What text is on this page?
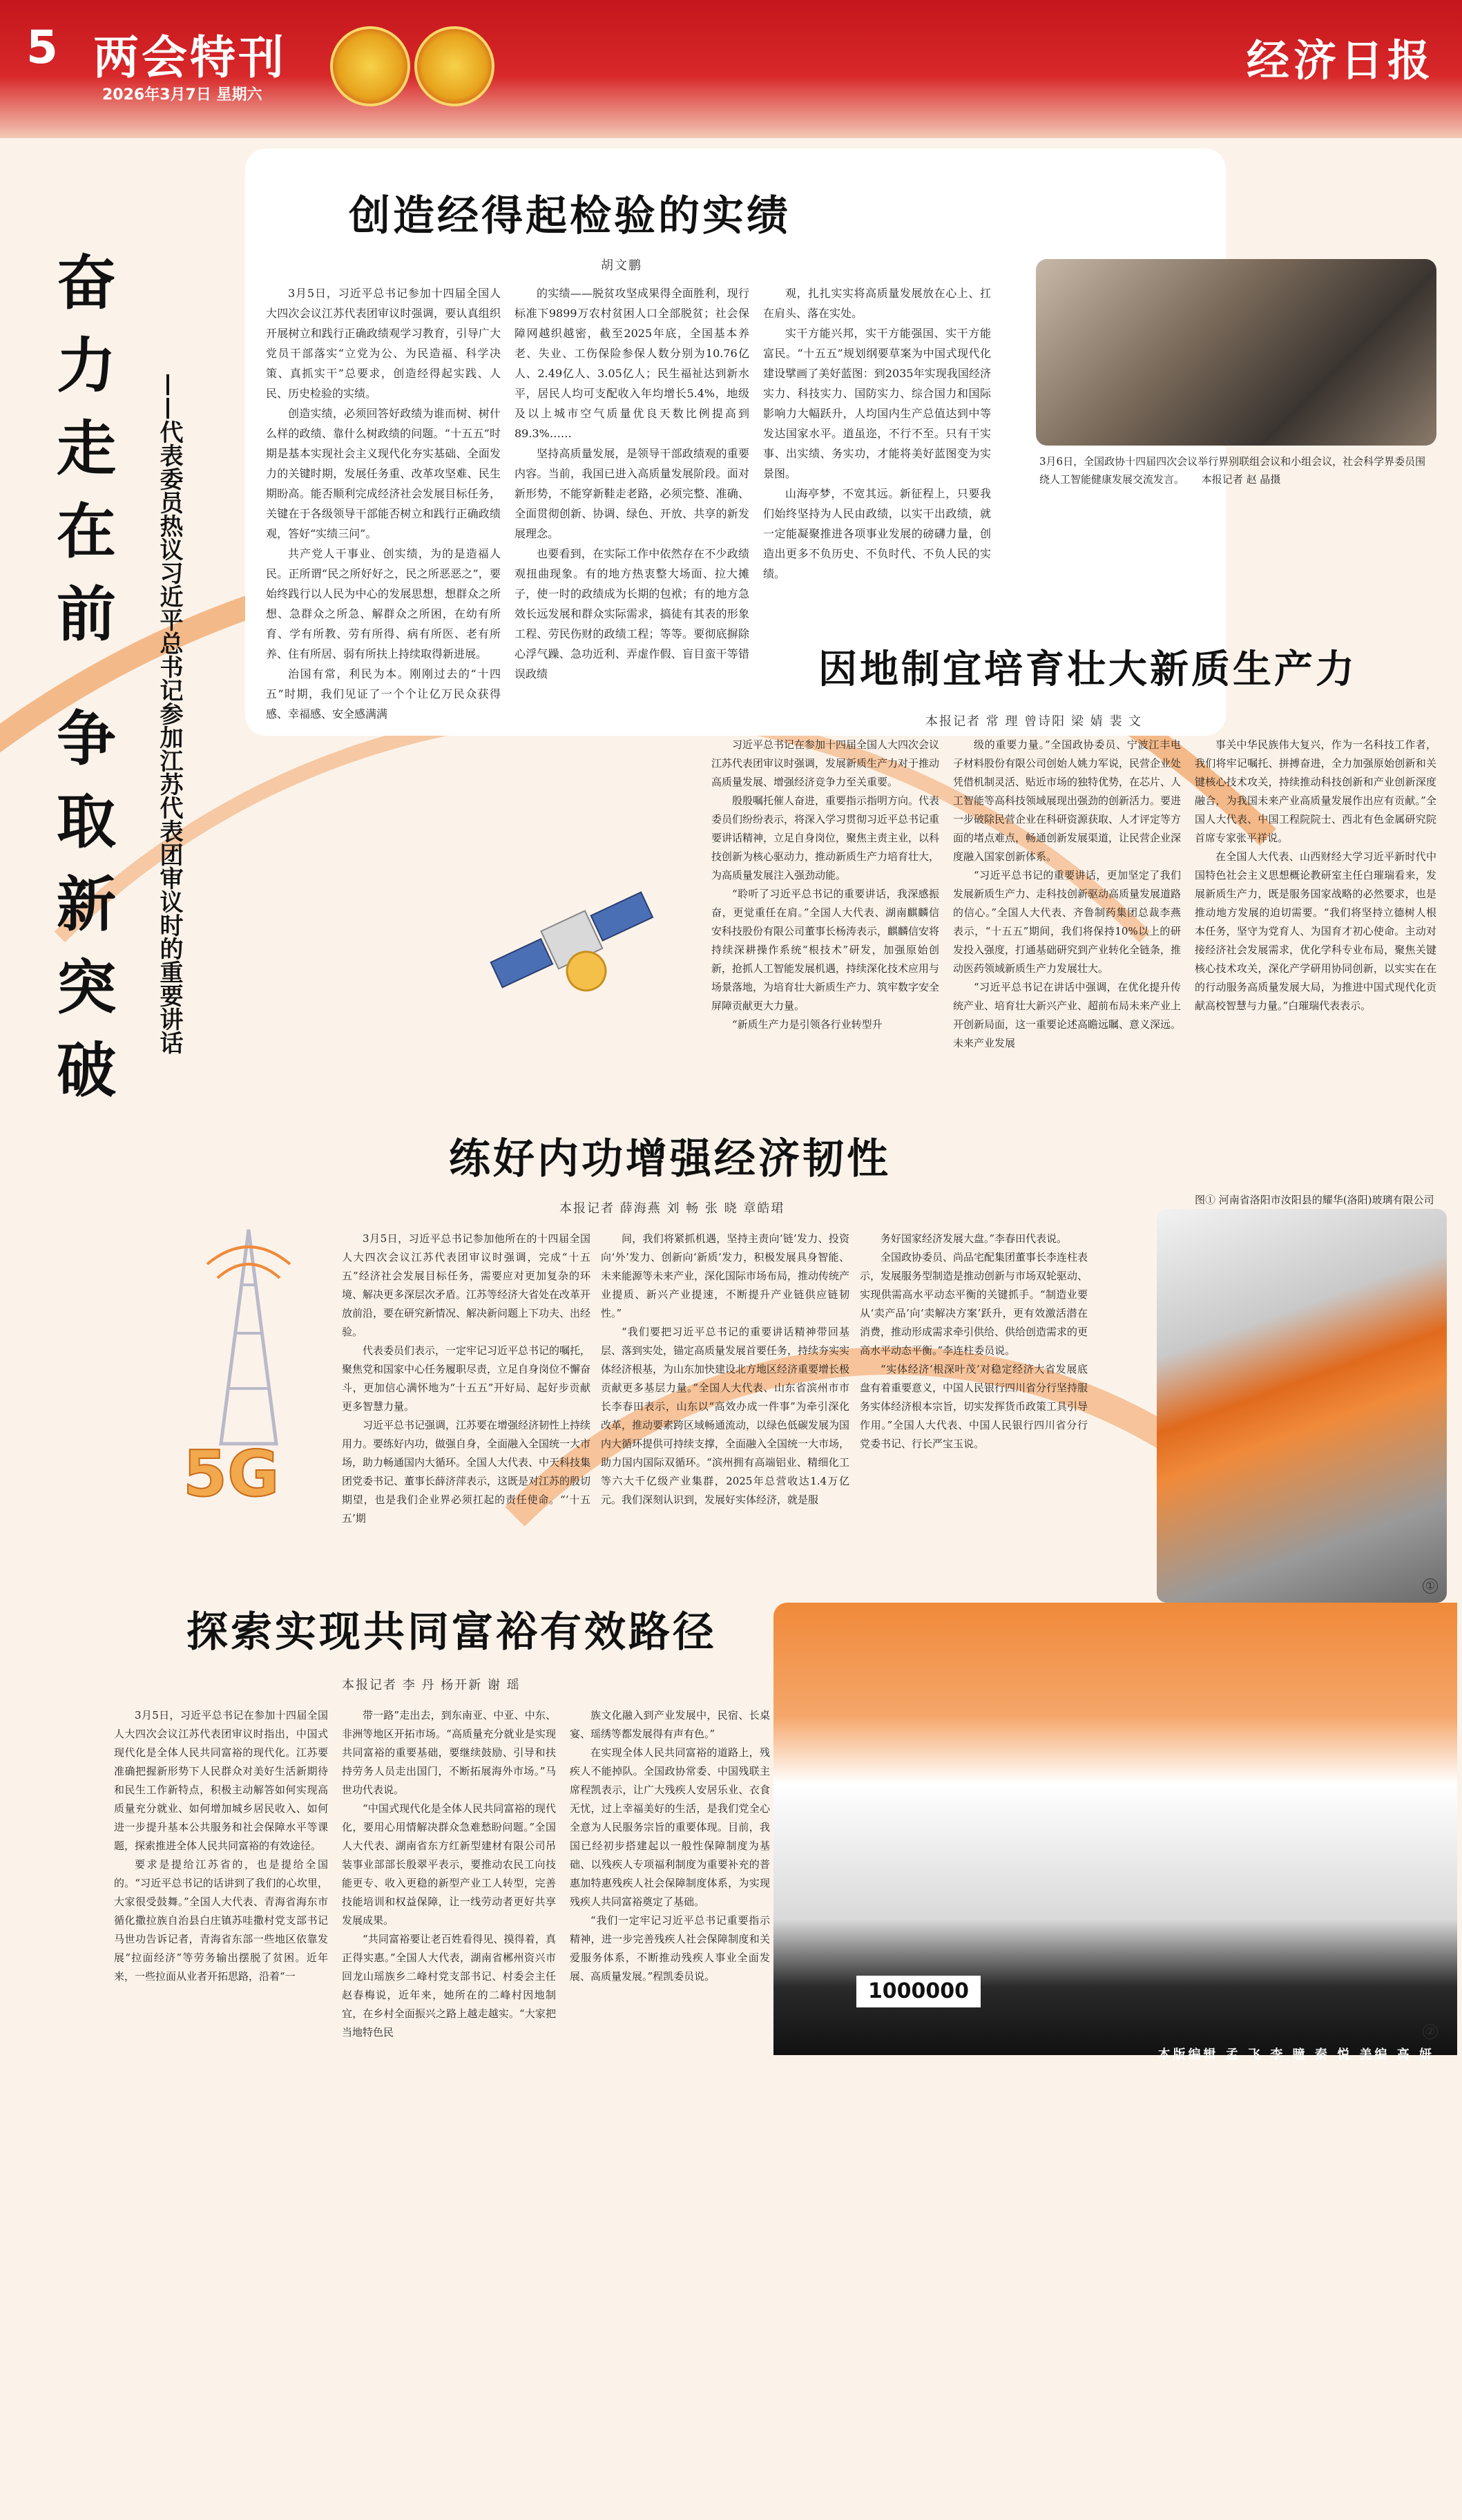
5 两会特刊
2026年3月7日 星期六
经济日报
奋
力
走
在
前
争
取
新
突
破
——代表委员热议习近平总书记参加江苏代表团审议时的重要讲话
创造经得起检验的实绩
胡文鹏

3月5日，习近平总书记参加十四届全国人大四次会议江苏代表团审议时强调，要认真组织开展树立和践行正确政绩观学习教育，引导广大党员干部落实“立党为公、为民造福、科学决策、真抓实干”总要求，创造经得起实践、人民、历史检验的实绩。

创造实绩，必须回答好政绩为谁而树、树什么样的政绩、靠什么树政绩的问题。“十五五”时期是基本实现社会主义现代化夯实基础、全面发力的关键时期，发展任务重、改革攻坚难、民生期盼高。能否顺利完成经济社会发展目标任务，关键在于各级领导干部能否树立和践行正确政绩观，答好“实绩三问”。

共产党人干事业、创实绩，为的是造福人民。正所谓“民之所好好之，民之所恶恶之”，要始终践行以人民为中心的发展思想，想群众之所想、急群众之所急、解群众之所困，在幼有所育、学有所教、劳有所得、病有所医、老有所养、住有所居、弱有所扶上持续取得新进展。

治国有常，利民为本。刚刚过去的“十四五”时期，我们见证了一个个让亿万民众获得感、幸福感、安全感满满

的实绩——脱贫攻坚成果得全面胜利，现行标准下9899万农村贫困人口全部脱贫；社会保障网越织越密，截至2025年底，全国基本养老、失业、工伤保险参保人数分别为10.76亿人、2.49亿人、3.05亿人；民生福祉达到新水平，居民人均可支配收入年均增长5.4%，地级及以上城市空气质量优良天数比例提高到89.3%……

坚持高质量发展，是领导干部政绩观的重要内容。当前，我国已进入高质量发展阶段。面对新形势，不能穿新鞋走老路，必须完整、准确、全面贯彻创新、协调、绿色、开放、共享的新发展理念。

也要看到，在实际工作中依然存在不少政绩观扭曲现象。有的地方热衷整大场面、拉大摊子，使一时的政绩成为长期的包袱；有的地方急效长远发展和群众实际需求，搞徒有其表的形象工程、劳民伤财的政绩工程；等等。要彻底摒除心浮气躁、急功近利、弄虚作假、盲目蛮干等错误政绩

观，扎扎实实将高质量发展放在心上、扛在肩头、落在实处。

实干方能兴邦，实干方能强国、实干方能富民。“十五五”规划纲要草案为中国式现代化建设擘画了美好蓝图：到2035年实现我国经济实力、科技实力、国防实力、综合国力和国际影响力大幅跃升，人均国内生产总值达到中等发达国家水平。道虽迩，不行不至。只有干实事、出实绩、务实功，才能将美好蓝图变为实景图。

山海亭梦，不宽其远。新征程上，只要我们始终坚持为人民由政绩，以实干出政绩，就一定能凝聚推进各项事业发展的磅礴力量，创造出更多不负历史、不负时代、不负人民的实绩。

3月6日，全国政协十四届四次会议举行界别联组会议和小组会议，社会科学界委员围绕人工智能健康发展交流发言。 本报记者 赵 晶摄
因地制宜培育壮大新质生产力
本报记者 常 理 曾诗阳 梁 婧 裴 文

习近平总书记在参加十四届全国人大四次会议江苏代表团审议时强调，发展新质生产力对于推动高质量发展、增强经济竞争力至关重要。

殷殷嘱托催人奋进，重要指示指明方向。代表委员们纷纷表示，将深入学习贯彻习近平总书记重要讲话精神，立足自身岗位，聚焦主责主业，以科技创新为核心驱动力，推动新质生产力培育壮大，为高质量发展注入强劲动能。

“聆听了习近平总书记的重要讲话，我深感振奋，更觉重任在肩。”全国人大代表、湖南麒麟信安科技股份有限公司董事长杨涛表示，麒麟信安将持续深耕操作系统“根技术”研发，加强原始创新，抢抓人工智能发展机遇，持续深化技术应用与场景落地，为培育壮大新质生产力、筑牢数字安全屏障贡献更大力量。

“新质生产力是引领各行业转型升

级的重要力量。”全国政协委员、宁波江丰电子材料股份有限公司创始人姚力军说，民营企业处凭借机制灵活、贴近市场的独特优势，在芯片、人工智能等高科技领域展现出强劲的创新活力。要进一步破除民营企业在科研资源获取、人才评定等方面的堵点难点，畅通创新发展渠道，让民营企业深度融入国家创新体系。

“习近平总书记的重要讲话，更加坚定了我们发展新质生产力、走科技创新驱动高质量发展道路的信心。”全国人大代表、齐鲁制药集团总裁李燕表示，“十五五”期间，我们将保持10%以上的研发投入强度，打通基础研究到产业转化全链条，推动医药领域新质生产力发展壮大。

“习近平总书记在讲话中强调，在优化提升传统产业、培育壮大新兴产业、超前布局未来产业上开创新局面，这一重要论述高瞻远瞩、意义深远。未来产业发展

事关中华民族伟大复兴，作为一名科技工作者，我们将牢记嘱托、拼搏奋进，全力加强原始创新和关键核心技术攻关，持续推动科技创新和产业创新深度融合，为我国未来产业高质量发展作出应有贡献。”全国人大代表、中国工程院院士、西北有色金属研究院首席专家张平祥说。

在全国人大代表、山西财经大学习近平新时代中国特色社会主义思想概论教研室主任白璀瑞看来，发展新质生产力，既是服务国家战略的必然要求，也是推动地方发展的迫切需要。“我们将坚持立德树人根本任务，坚守为党育人、为国育才初心使命。主动对接经济社会发展需求，优化学科专业布局，聚焦关键核心技术攻关，深化产学研用协同创新，以实实在在的行动服务高质量发展大局，为推进中国式现代化贡献高校智慧与力量。”白璀瑞代表表示。

图① 河南省洛阳市汝阳县的耀华(洛阳)玻璃有限公司
练好内功增强经济韧性
本报记者 薛海燕 刘 畅 张 晓 章皓珺

3月5日，习近平总书记参加他所在的十四届全国人大四次会议江苏代表团审议时强调，完成“十五五”经济社会发展目标任务，需要应对更加复杂的环境、解决更多深层次矛盾。江苏等经济大省处在改革开放前沿，要在研究新情况、解决新问题上下功夫、出经验。

代表委员们表示，一定牢记习近平总书记的嘱托，聚焦党和国家中心任务履职尽责，立足自身岗位不懈奋斗，更加信心满怀地为“十五五”开好局、起好步贡献更多智慧力量。

习近平总书记强调，江苏要在增强经济韧性上持续用力。要练好内功，做强自身，全面融入全国统一大市场，助力畅通国内大循环。全国人大代表、中天科技集团党委书记、董事长薛济萍表示，这既是对江苏的殷切期望，也是我们企业界必须扛起的责任使命。“‘十五五’期

间，我们将紧抓机遇，坚持主责向‘链’发力、投资向‘外’发力、创新向‘新质’发力，积极发展具身智能、未来能源等未来产业，深化国际市场布局，推动传统产业提质、新兴产业提速，不断提升产业链供应链韧性。”

“我们要把习近平总书记的重要讲话精神带回基层、落到实处，锚定高质量发展首要任务，持续夯实实体经济根基，为山东加快建设北方地区经济重要增长极贡献更多基层力量。”全国人大代表、山东省滨州市市长李春田表示，山东以“高效办成一件事”为牵引深化改革，推动要素跨区域畅通流动，以绿色低碳发展为国内大循环提供可持续支撑，全面融入全国统一大市场，助力国内国际双循环。“滨州拥有高端铝业、精细化工等六大千亿级产业集群，2025年总营收达1.4万亿元。我们深刻认识到，发展好实体经济，就是服

务好国家经济发展大盘。”李春田代表说。

全国政协委员、尚品宅配集团董事长李连柱表示，发展服务型制造是推动创新与市场双轮驱动、实现供需高水平动态平衡的关键抓手。“制造业要从‘卖产品’向‘卖解决方案’跃升，更有效激活潜在消费，推动形成需求牵引供给、供给创造需求的更高水平动态平衡。”李连柱委员说。

“实体经济‘根深叶茂’对稳定经济大省发展底盘有着重要意义，中国人民银行四川省分行坚持服务实体经济根本宗旨，切实发挥货币政策工具引导作用。”全国人大代表、中国人民银行四川省分行党委书记、行长严宝玉说。

5G
①
探索实现共同富裕有效路径
本报记者 李 丹 杨开新 谢 瑶

3月5日，习近平总书记在参加十四届全国人大四次会议江苏代表团审议时指出，中国式现代化是全体人民共同富裕的现代化。江苏要准确把握新形势下人民群众对美好生活新期待和民生工作新特点，积极主动解答如何实现高质量充分就业、如何增加城乡居民收入、如何进一步提升基本公共服务和社会保障水平等课题，探索推进全体人民共同富裕的有效途径。

要求是提给江苏省的，也是提给全国的。“习近平总书记的话讲到了我们的心坎里，大家很受鼓舞。”全国人大代表、青海省海东市循化撒拉族自治县白庄镇苏哇撒村党支部书记马世功告诉记者，青海省东部一些地区依靠发展“拉面经济”等劳务输出摆脱了贫困。近年来，一些拉面从业者开拓思路，沿着“一

带一路”走出去，到东南亚、中亚、中东、非洲等地区开拓市场。“高质量充分就业是实现共同富裕的重要基础，要继续鼓励、引导和扶持劳务人员走出国门，不断拓展海外市场。”马世功代表说。

“中国式现代化是全体人民共同富裕的现代化，要用心用情解决群众急难愁盼问题。”全国人大代表、湖南省东方红新型建材有限公司吊装事业部部长殷翠平表示，要推动农民工向技能更专、收入更稳的新型产业工人转型，完善技能培训和权益保障，让一线劳动者更好共享发展成果。

“共同富裕要让老百姓看得见、摸得着，真正得实惠。”全国人大代表，湖南省郴州资兴市回龙山瑶族乡二峰村党支部书记、村委会主任赵春梅说，近年来，她所在的二峰村因地制宜，在乡村全面振兴之路上越走越实。“大家把当地特色民

族文化融入到产业发展中，民宿、长桌宴、瑶绣等都发展得有声有色。”

在实现全体人民共同富裕的道路上，残疾人不能掉队。全国政协常委、中国残联主席程凯表示，让广大残疾人安居乐业、衣食无忧，过上幸福美好的生活，是我们党全心全意为人民服务宗旨的重要体现。目前，我国已经初步搭建起以一般性保障制度为基础、以残疾人专项福利制度为重要补充的普惠加特惠残疾人社会保障制度体系，为实现残疾人共同富裕奠定了基础。

“我们一定牢记习近平总书记重要指示精神，进一步完善残疾人社会保障制度和关爱服务体系，不断推动残疾人事业全面发展、高质量发展。”程凯委员说。

1000000
②
本版编辑 孟 飞 李 瞳 秦 悦 美编 高 妍
